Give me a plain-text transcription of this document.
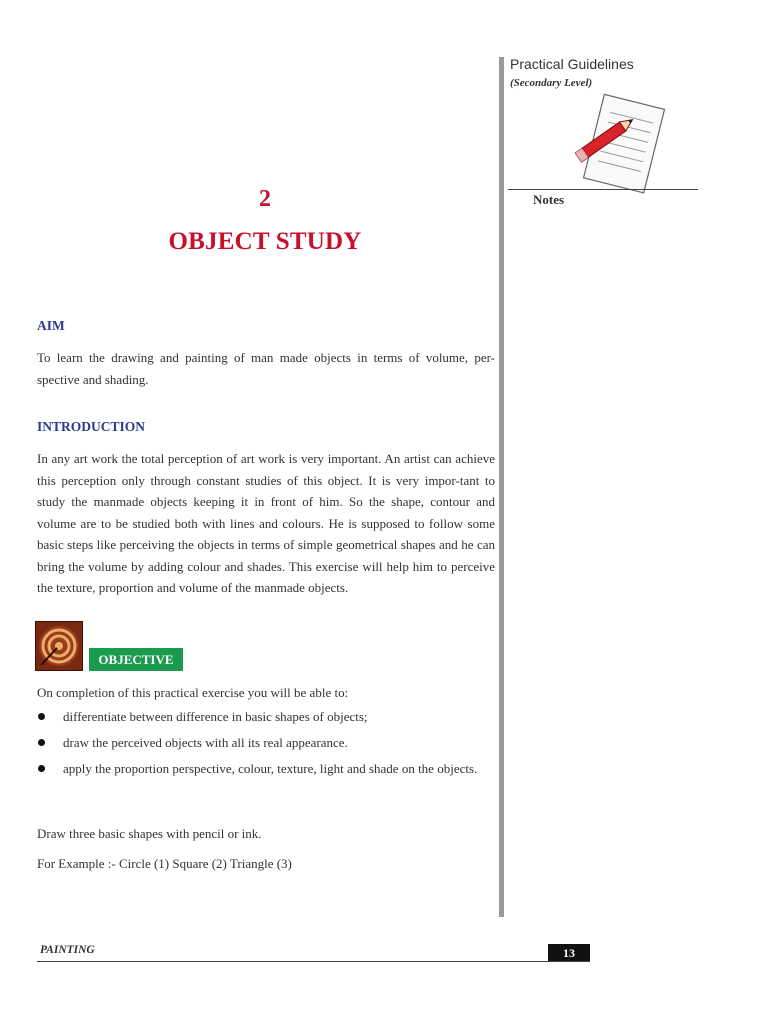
Practical Guidelines
(Secondary Level)
Notes
2
OBJECT STUDY
AIM
To learn the drawing and painting of man made objects in terms of volume, per-spective and shading.
INTRODUCTION
In any art work the total perception of art work is very important. An artist can achieve this perception only through constant studies of this object. It is very impor-tant to study the manmade objects keeping it in front of him. So the shape, contour and volume are to be studied both with lines and colours. He is supposed to follow some basic steps like perceiving the objects in terms of simple geometrical shapes and he can bring the volume by adding colour and shades. This exercise will help him to perceive the texture, proportion and volume of the manmade objects.
OBJECTIVE
On completion of this practical exercise you will be able to:
differentiate between difference in basic shapes of objects;
draw the perceived objects with all its real appearance.
apply the proportion perspective, colour, texture, light and shade on the objects.
Draw three basic shapes with pencil or ink.
For Example :- Circle (1) Square (2) Triangle (3)
PAINTING	13
